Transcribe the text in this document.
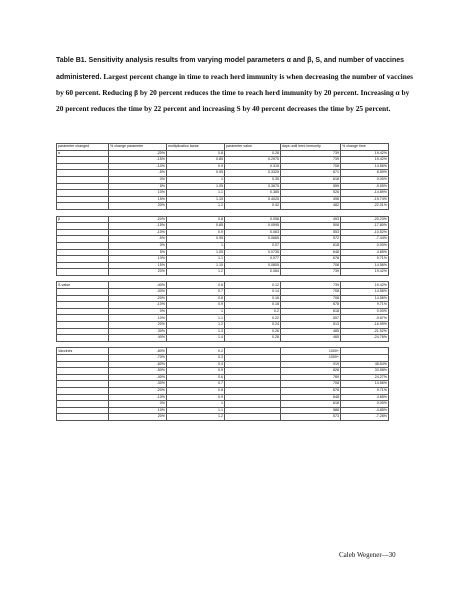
Table B1. Sensitivity analysis results from varying model parameters α and β, S, and number of vaccines administered. Largest percent change in time to reach herd immunity is when decreasing the number of vaccines by 60 percent. Reducing β by 20 percent reduces the time to reach herd immunity by 20 percent. Increasing α by 20 percent reduces the time by 22 percent and increasing S by 40 percent decreases the time by 25 percent.
parameter changed	% change parameter	multiplication factor	parameter value	days until herd immunity	% change time
α	-20%	0.8	0.28	739	19.42%
	-15%	0.85	0.2975	739	19.42%
	-10%	0.9	0.315	708	14.56%
	-5%	0.95	0.3325	671	8.59%
	0%	1	0.35	618	0.00%
	5%	1.05	0.3675	559	-9.55%
	10%	1.1	0.385	526	-14.89%
	15%	1.15	0.4025	496	-19.74%
	20%	1.2	0.42	482	-22.01%

β	-20%	0.8	0.056	493	-20.23%
	-15%	0.85	0.0595	508	-17.80%
	-10%	0.9	0.063	553	-10.52%
	-5%	0.95	0.0665	572	-7.44%
	0%	1	0.07	618	0.00%
	5%	1.05	0.0735	648	4.85%
	10%	1.1	0.077	678	9.71%
	15%	1.15	0.0805	708	14.56%
	20%	1.2	0.084	739	19.42%

S-value	-40%	0.6	0.12	739	19.42%
	-30%	0.7	0.14	708	14.56%
	-20%	0.8	0.16	708	14.56%
	-10%	0.9	0.18	678	9.71%
	0%	1	0.2	618	0.00%
	10%	1.1	0.22	557	-9.87%
	20%	1.2	0.24	513	-16.99%
	30%	1.3	0.26	485	-21.52%
	40%	1.4	0.28	465	-24.76%

Vaccines	-80%	0.2		1000+	
	-70%	0.3		1000+	
	-60%	0.4		919	48.54%
	-50%	0.5		828	33.98%
	-40%	0.6		769	24.27%
	-30%	0.7		708	14.56%
	-20%	0.8		678	9.71%
	-10%	0.9		648	4.85%
	0%	1		618	0.00%
	10%	1.1		588	-4.85%
	20%	1.2		573	-7.28%
Caleb Wegener—30
